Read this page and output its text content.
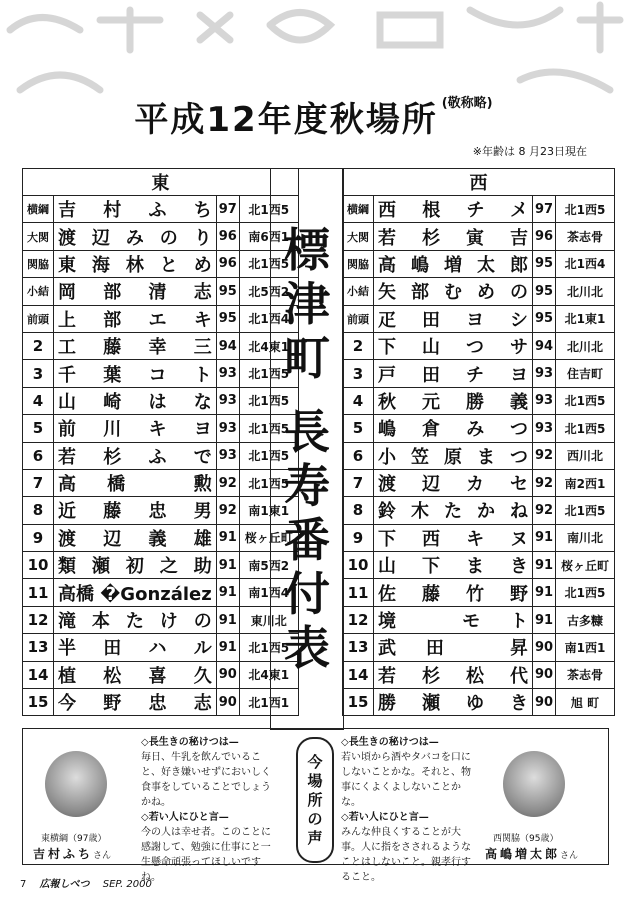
平成12年度秋場所 $^{(敬称略)}$
※年齢は 8 月23日現在
東			
横綱	吉村ふち	97	北1西5
大関	渡辺みのり	96	南6西1
関脇	東海林とめ	96	北1西5
小結	岡部清志	95	北5西2
前頭	上部エキ	95	北1西4
2	工藤幸三	94	北4東1
3	千葉コト	93	北1西5
4	山崎はな	93	北1西5
5	前川キヨ	93	北1西5
6	若杉ふで	93	北1西5
7	高橋 勲	92	北1西5
8	近藤忠男	92	南1東1
9	渡辺義雄	91	桜ヶ丘町
10	類瀬初之助	91	南5西2
11	高橋 �González	91	南1西4
12	滝本たけの	91	東川北
13	半田ハル	91	北1西5
14	植松喜久	90	北4東1
15	今野忠志	90	北1西1
標
津
町
長
寿
番
付
表
西			
横綱	西根チメ	97	北1西5
大関	若杉寅吉	96	茶志骨
関脇	高嶋増太郎	95	北1西4
小結	矢部むめの	95	北川北
前頭	疋田ヨシ	95	北1東1
2	下山つサ	94	北川北
3	戸田チヨ	93	住吉町
4	秋元勝義	93	北1西5
5	嶋倉みつ	93	北1西5
6	小笠原まつ	92	西川北
7	渡辺カセ	92	南2西1
8	鈴木たかね	92	北1西5
9	下西キヌ	91	南川北
10	山下まき	91	桜ヶ丘町
11	佐藤竹野	91	北1西5
12	境 モト	91	古多糠
13	武田 昇	90	南1西1
14	若杉松代	90	茶志骨
15	勝瀬ゆき	90	旭 町
東横綱（97歳）
吉村ふちさん

◇長生きの秘けつは—

毎日、牛乳を飲んでいること、好き嫌いせずにおいしく食事をしていることでしょうかね。

◇若い人にひと言—

今の人は幸せ者。このことに感謝して、勉強に仕事にと一生懸命頑張ってほしいですね。

今
場
所
の
声

◇長生きの秘けつは—

若い頃から酒やタバコを口にしないことかな。それと、物事にくよくよしないことかな。

◇若い人にひと言—

みんな仲良くすることが大事。人に指をさされるようなことはしないこと。親孝行すること。

西関脇（95歳）
高嶋増太郎さん
7 広報しべつ SEP. 2000
